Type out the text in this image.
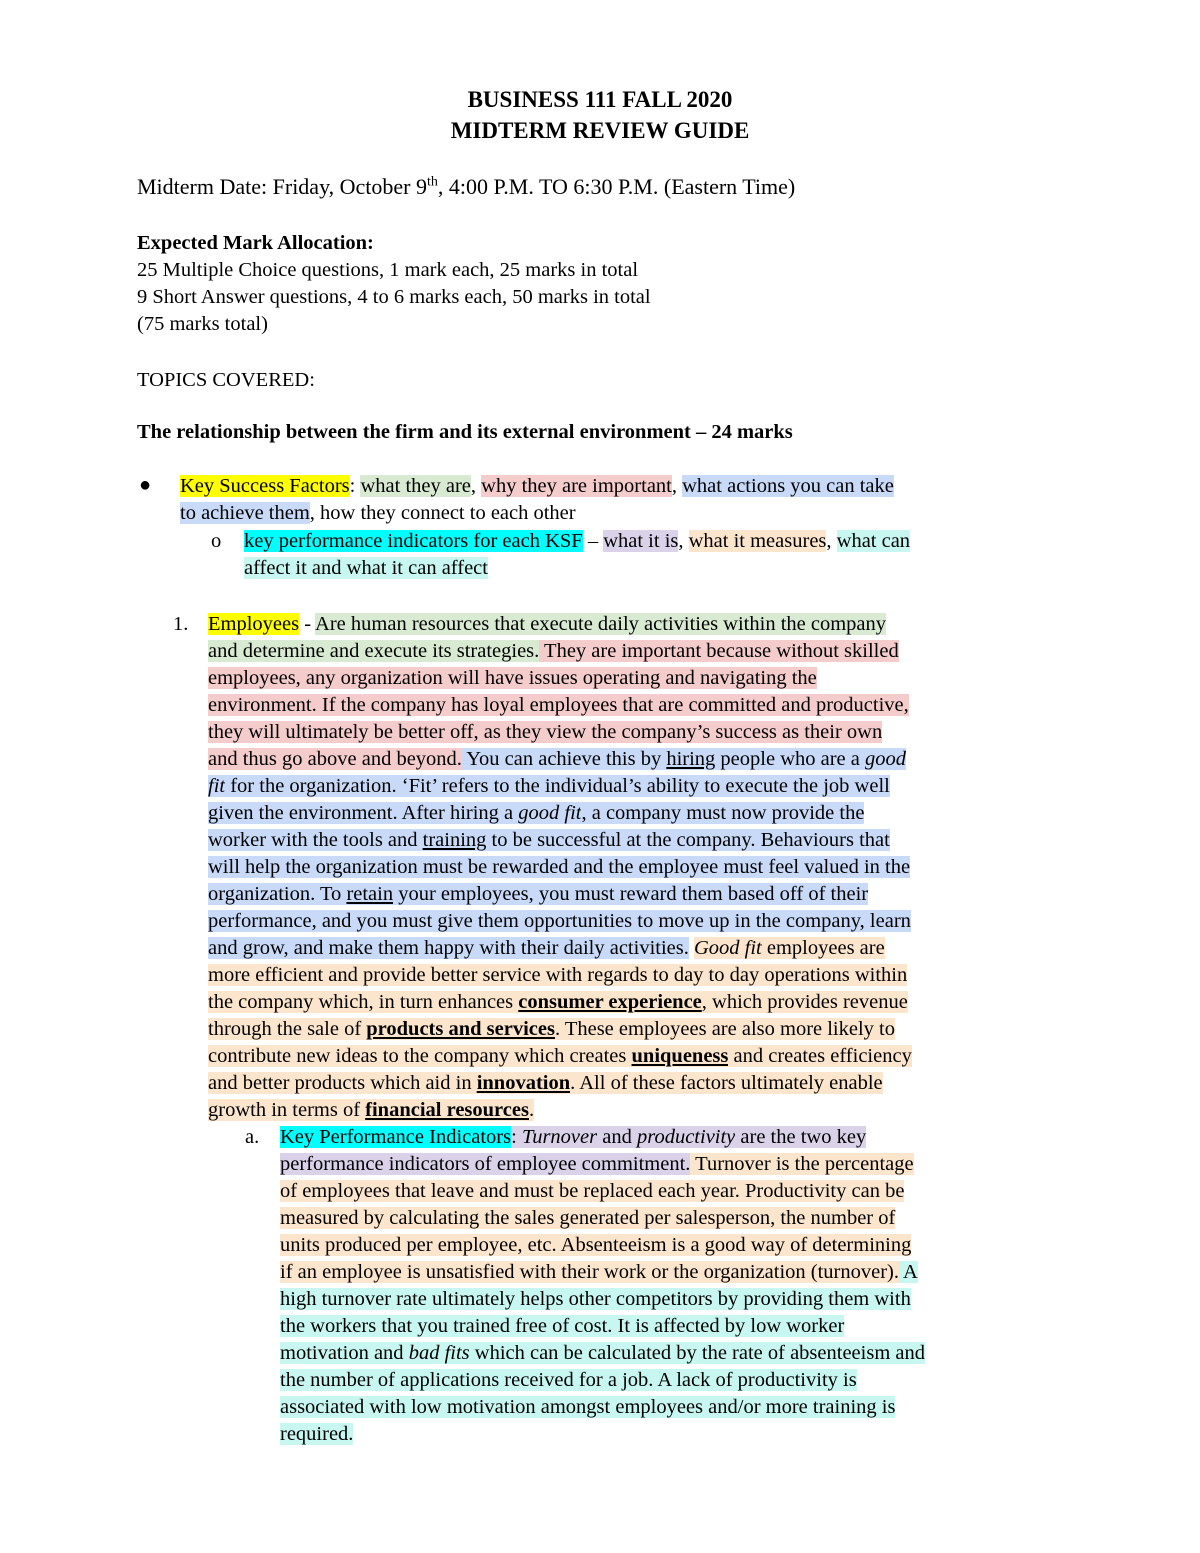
BUSINESS 111 FALL 2020
MIDTERM REVIEW GUIDE
Midterm Date: Friday, October 9th, 4:00 P.M. TO 6:30 P.M. (Eastern Time)
Expected Mark Allocation:
25 Multiple Choice questions, 1 mark each, 25 marks in total
9 Short Answer questions, 4 to 6 marks each, 50 marks in total
(75 marks total)
TOPICS COVERED:
The relationship between the firm and its external environment – 24 marks
● Key Success Factors: what they are, why they are important, what actions you can take
to achieve them, how they connect to each other
o key performance indicators for each KSF – what it is, what it measures, what can
affect it and what it can affect
1. Employees - Are human resources that execute daily activities within the company
and determine and execute its strategies. They are important because without skilled
employees, any organization will have issues operating and navigating the
environment. If the company has loyal employees that are committed and productive,
they will ultimately be better off, as they view the company’s success as their own
and thus go above and beyond. You can achieve this by hiring people who are a good
fit for the organization. ‘Fit’ refers to the individual’s ability to execute the job well
given the environment. After hiring a good fit, a company must now provide the
worker with the tools and training to be successful at the company. Behaviours that
will help the organization must be rewarded and the employee must feel valued in the
organization. To retain your employees, you must reward them based off of their
performance, and you must give them opportunities to move up in the company, learn
and grow, and make them happy with their daily activities. Good fit employees are
more efficient and provide better service with regards to day to day operations within
the company which, in turn enhances consumer experience, which provides revenue
through the sale of products and services. These employees are also more likely to
contribute new ideas to the company which creates uniqueness and creates efficiency
and better products which aid in innovation. All of these factors ultimately enable
growth in terms of financial resources.
a. Key Performance Indicators: Turnover and productivity are the two key
performance indicators of employee commitment. Turnover is the percentage
of employees that leave and must be replaced each year. Productivity can be
measured by calculating the sales generated per salesperson, the number of
units produced per employee, etc. Absenteeism is a good way of determining
if an employee is unsatisfied with their work or the organization (turnover). A
high turnover rate ultimately helps other competitors by providing them with
the workers that you trained free of cost. It is affected by low worker
motivation and bad fits which can be calculated by the rate of absenteeism and
the number of applications received for a job. A lack of productivity is
associated with low motivation amongst employees and/or more training is
required.
